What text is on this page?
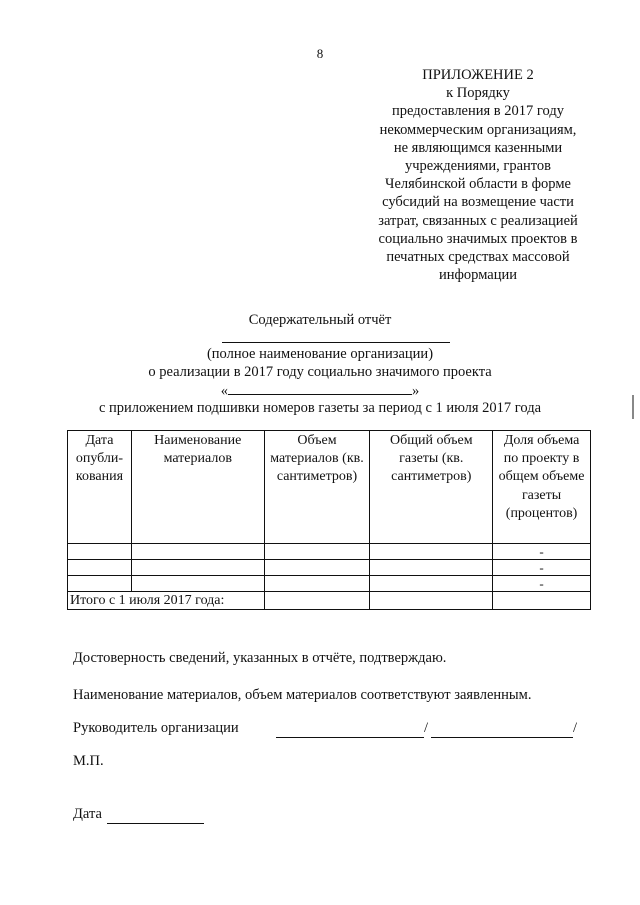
8
ПРИЛОЖЕНИЕ 2
к Порядку
предоставления в 2017 году
некоммерческим организациям,
не являющимся казенными
учреждениями, грантов
Челябинской области в форме
субсидий на возмещение части
затрат, связанных с реализацией
социально значимых проектов в
печатных средствах массовой
информации
Содержательный отчёт
(полное наименование организации)
о реализации в 2017 году социально значимого проекта
«	»
с приложением подшивки номеров газеты за период с 1 июля 2017 года
Дата опубли-кования	Наименование материалов	Объем материалов (кв. сантиметров)	Общий объем газеты (кв. сантиметров)	Доля объема по проекту в общем объеме газеты (процентов)
				-
				-
				-
Итого с 1 июля 2017 года:				
Достоверность сведений, указанных в отчёте, подтверждаю.
Наименование материалов, объем материалов соответствуют заявленным.
Руководитель организации	/	/
М.П.
Дата
